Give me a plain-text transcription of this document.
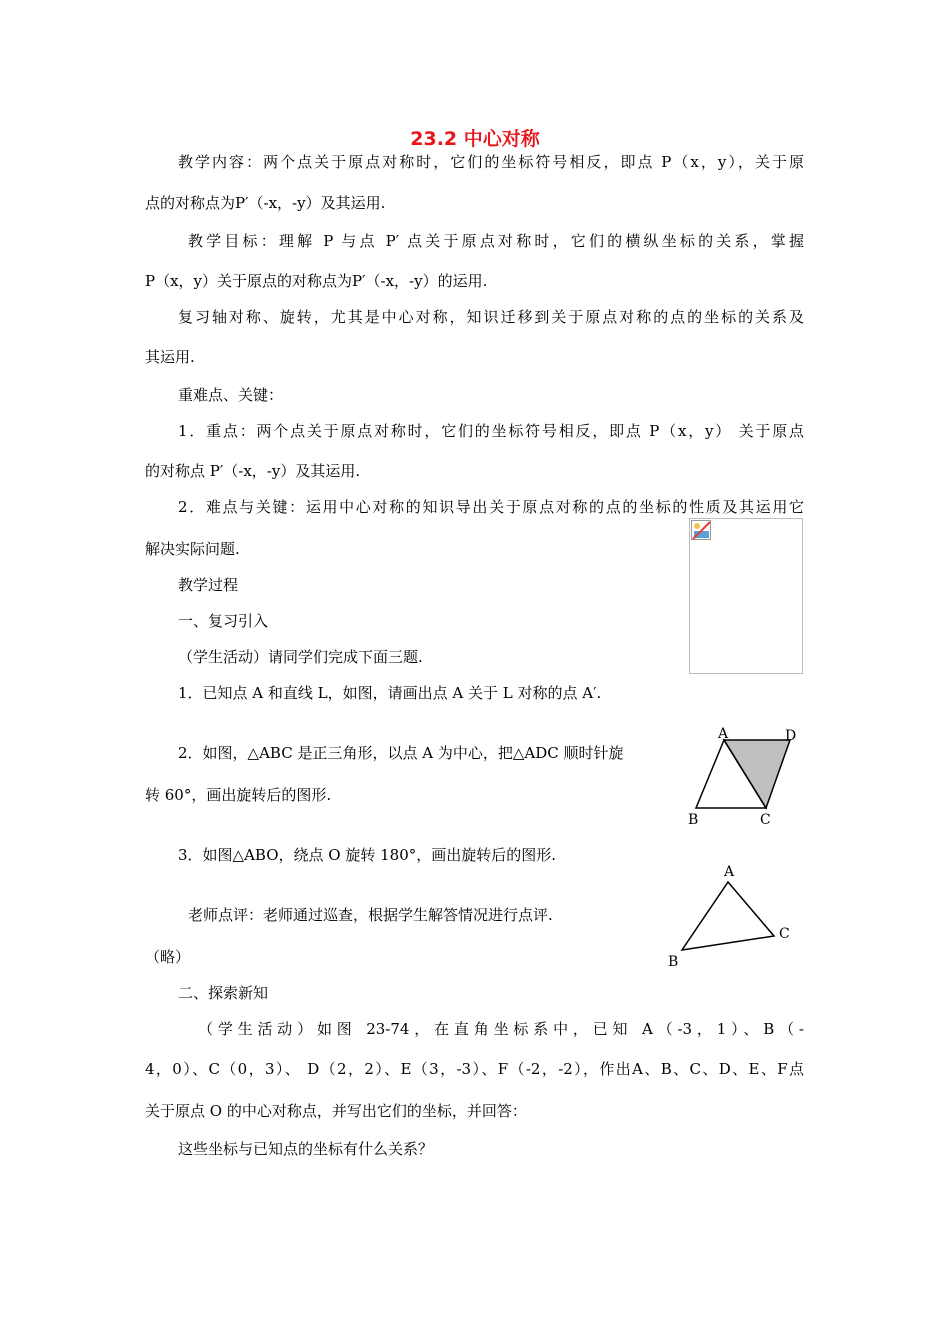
23.2 中心对称
教学内容：两个点关于原点对称时，它们的坐标符号相反，即点 P（x，y），关于原
点的对称点为P′（-x，-y）及其运用.
教学目标：理解 P 与点 P′ 点关于原点对称时，它们的横纵坐标的关系，掌握
P（x，y）关于原点的对称点为P′（-x，-y）的运用.
复习轴对称、旋转，尤其是中心对称，知识迁移到关于原点对称的点的坐标的关系及
其运用.
重难点、关键：
1．重点：两个点关于原点对称时，它们的坐标符号相反，即点 P（x，y） 关于原点
的对称点 P′（-x，-y）及其运用.
2．难点与关键：运用中心对称的知识导出关于原点对称的点的坐标的性质及其运用它
解决实际问题.
教学过程
一、复习引入
（学生活动）请同学们完成下面三题.
1．已知点 A 和直线 L，如图，请画出点 A 关于 L 对称的点 A′.
2．如图，△ABC 是正三角形，以点 A 为中心，把△ADC 顺时针旋
转 60°，画出旋转后的图形.
3．如图△ABO，绕点 O 旋转 180°，画出旋转后的图形.
老师点评：老师通过巡查，根据学生解答情况进行点评.
（略）
二、探索新知
（学生活动）如图 23-74，在直角坐标系中，已知 A（-3，1）、B（-
4，0）、C（0，3）、 D（2，2）、E（3，-3）、F（-2，-2），作出A、B、C、D、E、F点
关于原点 O 的中心对称点，并写出它们的坐标，并回答：
这些坐标与已知点的坐标有什么关系？
A	D
B	C
A
C
B
